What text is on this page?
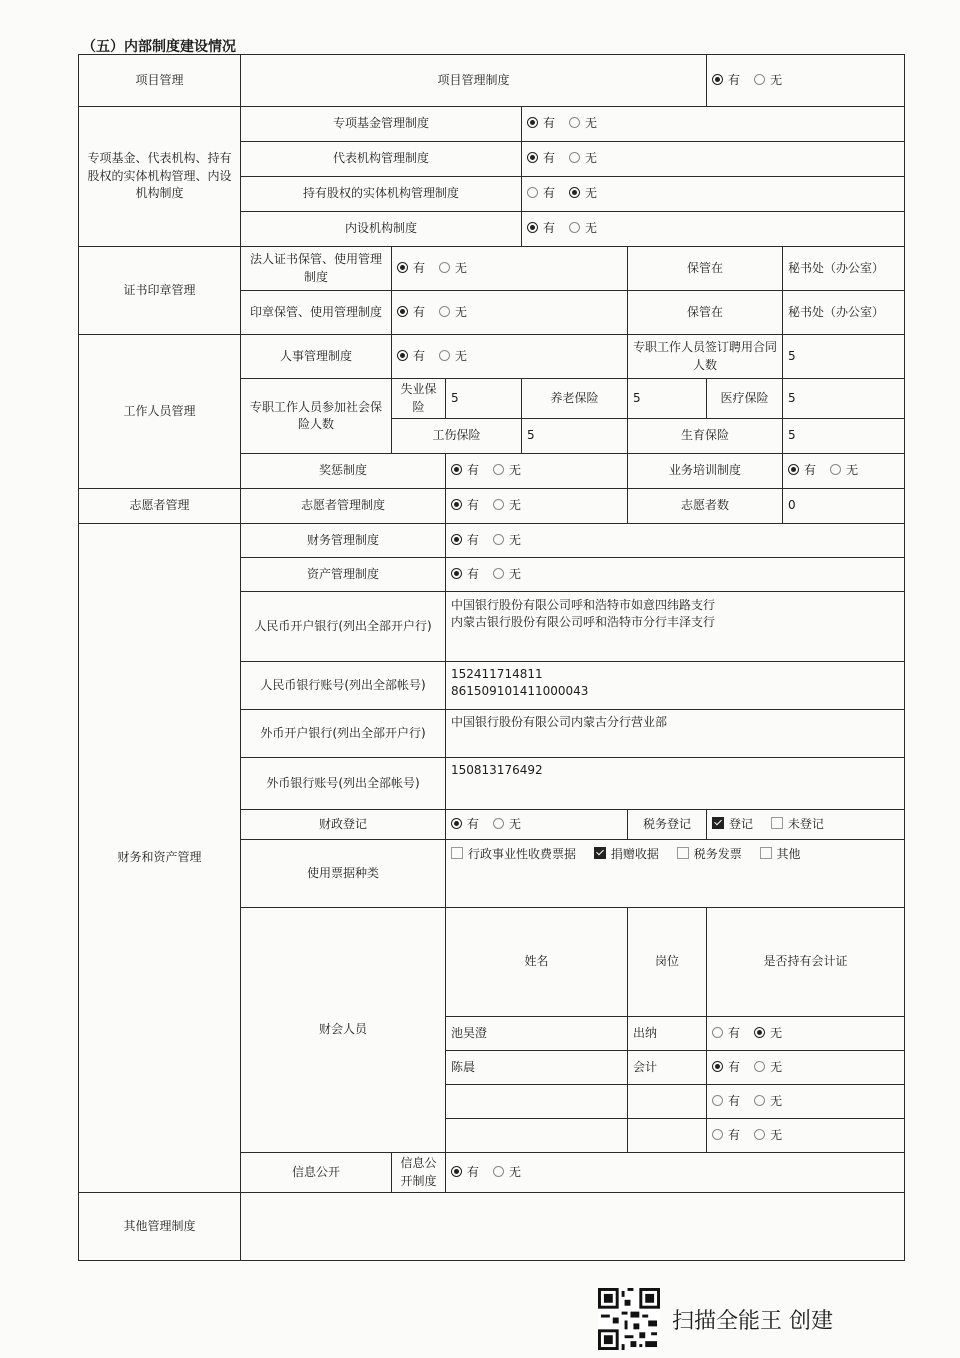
（五）内部制度建设情况
项目管理	项目管理制度					有 无		
专项基金、代表机构、持有股权的实体机构管理、内设机构制度	专项基金管理制度			有 无				
	代表机构管理制度			有 无				
	持有股权的实体机构管理制度			有 无				
	内设机构制度			有 无				
证书印章管理	法人证书保管、使用管理制度	有 无			保管在		秘书处（办公室）	
	印章保管、使用管理制度	有 无			保管在		秘书处（办公室）	
工作人员管理	人事管理制度	有 无			专职工作人员签订聘用合同人数		5	
	专职工作人员参加社会保险人数	失业保险	5	养老保险	5	医疗保险	5	
		工伤保险		5	生育保险		5	
	奖惩制度		有 无		业务培训制度		有 无	
志愿者管理	志愿者管理制度		有 无		志愿者数		0	
财务和资产管理	财务管理制度		有 无					
	资产管理制度		有 无					
	人民币开户银行(列出全部开户行)		中国银行股份有限公司呼和浩特市如意四纬路支行
内蒙古银行股份有限公司呼和浩特市分行丰泽支行					

	人民币银行账号(列出全部帐号)		152411714811
861509101411000043					

	外币开户银行(列出全部开户行)		中国银行股份有限公司内蒙古分行营业部					
	外币银行账号(列出全部帐号)		150813176492					
	财政登记		有 无		税务登记	登记 未登记		
	使用票据种类		行政事业性收费票据 捐赠收据 税务发票 其他					
	财会人员		姓名		岗位	是否持有会计证	
			池昊澄		出纳	有 无	
			陈晨		会计	有 无	
						有 无		
						有 无		
	信息公开	信息公开制度	有 无					
其他管理制度								
扫描全能王 创建
